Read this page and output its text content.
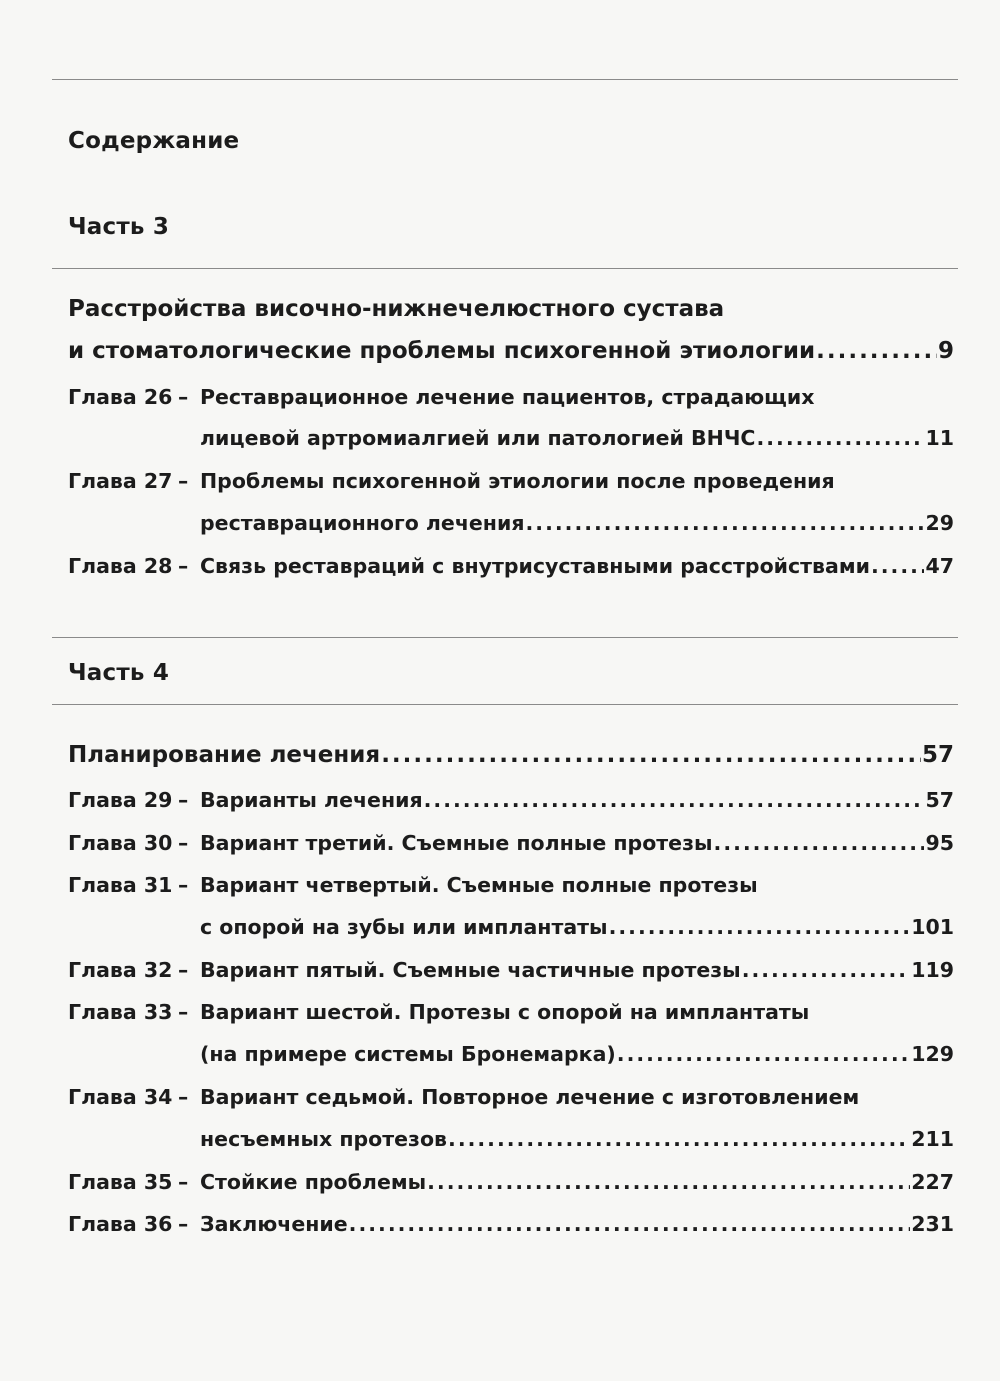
Содержание
Часть 3
Часть 4
Расстройства височно-нижнечелюстного сустава
и стоматологические проблемы психогенной этиологии .....	9
Глава 26 – Реставрационное лечение пациентов, страдающих
лицевой артромиалгией или патологией ВНЧС .....	11
Глава 27 – Проблемы психогенной этиологии после проведения
реставрационного лечения .....	29
Глава 28 – Связь реставраций с внутрисуставными расстройствами .....	47
Планирование лечения .....	57
Глава 29 – Варианты лечения .....	57
Глава 30 – Вариант третий. Съемные полные протезы .....	95
Глава 31 – Вариант четвертый. Съемные полные протезы
с опорой на зубы или имплантаты .....	101
Глава 32 – Вариант пятый. Съемные частичные протезы .....	119
Глава 33 – Вариант шестой. Протезы с опорой на имплантаты
(на примере системы Бронемарка) .....	129
Глава 34 – Вариант седьмой. Повторное лечение с изготовлением
несъемных протезов .....	211
Глава 35 – Стойкие проблемы .....	227
Глава 36 – Заключение .....	231
